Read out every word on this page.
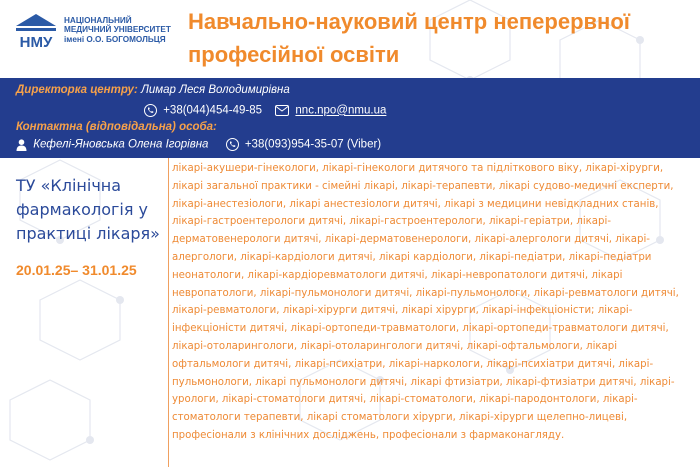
НМУ
НАЦІОНАЛЬНИЙ
МЕДИЧНИЙ УНІВЕРСИТЕТ
імені О.О. БОГОМОЛЬЦЯ
Навчально-науковий центр неперервної професійної освіти
Директорка центру: Лимар Леся Володимирівна
+38(044)454-49-85	nnc.npo@nmu.ua
Контактна (відповідальна) особа:
Кефелі-Яновська Олена Ігорівна	+38(093)954-35-07 (Viber)
ТУ «Клінічна фармакологія у практиці лікаря»
20.01.25– 31.01.25
лікарі-акушери-гінекологи, лікарі-гінекологи дитячого та підліткового віку, лікарі-хірурги, лікарі загальної практики - сімейні лікарі, лікарі-терапевти, лікарі судово-медичні експерти, лікарі-анестезіологи, лікарі анестезіологи дитячі, лікарі з медицини невідкладних станів, лікарі-гастроентерологи дитячі, лікарі-гастроентерологи, лікарі-геріатри, лікарі-дерматовенерологи дитячі, лікарі-дерматовенерологи, лікарі-алергологи дитячі, лікарі-алергологи, лікарі-кардіологи дитячі, лікарі кардіологи, лікарі-педіатри, лікарі-педіатри неонатологи, лікарі-кардіоревматологи дитячі, лікарі-невропатологи дитячі, лікарі невропатологи, лікарі-пульмонологи дитячі, лікарі-пульмонологи, лікарі-ревматологи дитячі, лікарі-ревматологи, лікарі-хірурги дитячі, лікарі хірурги, лікарі-інфекціоністи; лікарі-інфекціоністи дитячі, лікарі-ортопеди-травматологи, лікарі-ортопеди-травматологи дитячі, лікарі-отоларингологи, лікарі-отоларингологи дитячі, лікарі-офтальмологи, лікарі офтальмологи дитячі, лікарі-психіатри, лікарі-наркологи, лікарі-психіатри дитячі, лікарі-пульмонологи, лікарі пульмонологи дитячі, лікарі фтизіатри, лікарі-фтизіатри дитячі, лікарі-урологи, лікарі-стоматологи дитячі, лікарі-стоматологи, лікарі-пародонтологи, лікарі-стоматологи терапевти, лікарі стоматологи хірурги, лікарі-хірурги щелепно-лицеві, професіонали з клінічних досліджень, професіонали з фармаконагляду.
